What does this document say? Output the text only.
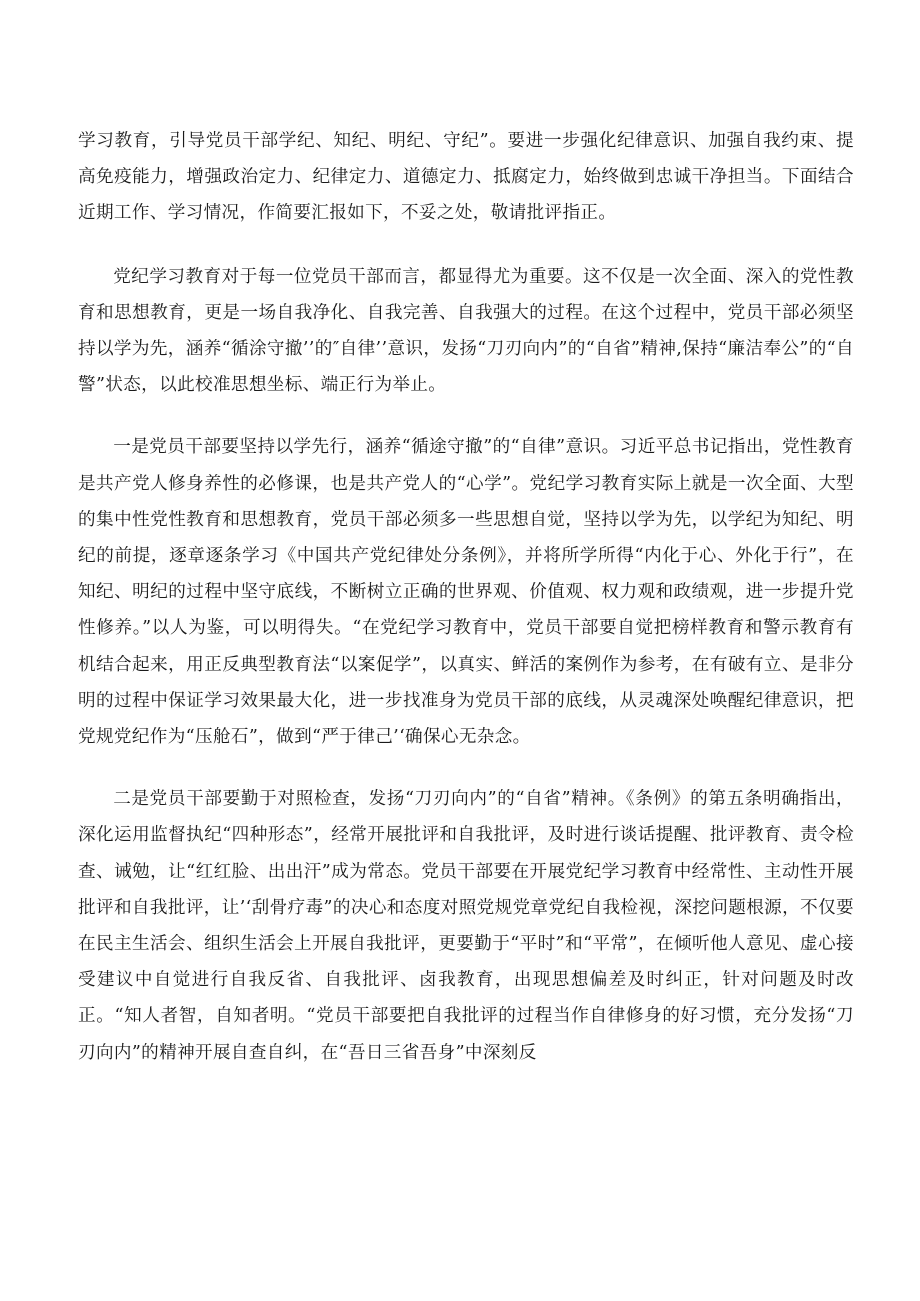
学习教育，引导党员干部学纪、知纪、明纪、守纪”。要进一步强化纪律意识、加强自我约束、提高免疫能力，增强政治定力、纪律定力、道德定力、抵腐定力，始终做到忠诚干净担当。下面结合近期工作、学习情况，作简要汇报如下，不妥之处，敬请批评指正。

党纪学习教育对于每一位党员干部而言，都显得尤为重要。这不仅是一次全面、深入的党性教育和思想教育，更是一场自我净化、自我完善、自我强大的过程。在这个过程中，党员干部必须坚持以学为先，涵养“循涂守撤’’的″自律’’意识，发扬“刀刃向内”的“自省”精神,保持“廉洁奉公”的“自警”状态，以此校准思想坐标、端正行为举止。

一是党员干部要坚持以学先行，涵养“循途守撤”的“自律”意识。习近平总书记指出，党性教育是共产党人修身养性的必修课，也是共产党人的“心学”。党纪学习教育实际上就是一次全面、大型的集中性党性教育和思想教育，党员干部必须多一些思想自觉，坚持以学为先，以学纪为知纪、明纪的前提，逐章逐条学习《中国共产党纪律处分条例》，并将所学所得“内化于心、外化于行”，在知纪、明纪的过程中坚守底线，不断树立正确的世界观、价值观、权力观和政绩观，进一步提升党性修养。”以人为鉴，可以明得失。“在党纪学习教育中，党员干部要自觉把榜样教育和警示教育有机结合起来，用正反典型教育法“以案促学”，以真实、鲜活的案例作为参考，在有破有立、是非分明的过程中保证学习效果最大化，进一步找准身为党员干部的底线，从灵魂深处唤醒纪律意识，把党规党纪作为“压舱石”，做到“严于律己’‘确保心无杂念。

二是党员干部要勤于对照检查，发扬“刀刃向内”的“自省”精神。《条例》的第五条明确指出，深化运用监督执纪“四种形态”，经常开展批评和自我批评，及时进行谈话提醒、批评教育、责令检查、诫勉，让“红红脸、出出汗”成为常态。党员干部要在开展党纪学习教育中经常性、主动性开展批评和自我批评，让’‘刮骨疗毒”的决心和态度对照党规党章党纪自我检视，深挖问题根源，不仅要在民主生活会、组织生活会上开展自我批评，更要勤于“平时”和“平常”，在倾听他人意见、虚心接受建议中自觉进行自我反省、自我批评、卤我教育，出现思想偏差及时纠正，针对问题及时改正。“知人者智，自知者明。“党员干部要把自我批评的过程当作自律修身的好习惯，充分发扬“刀刃向内”的精神开展自查自纠，在“吾日三省吾身”中深刻反
